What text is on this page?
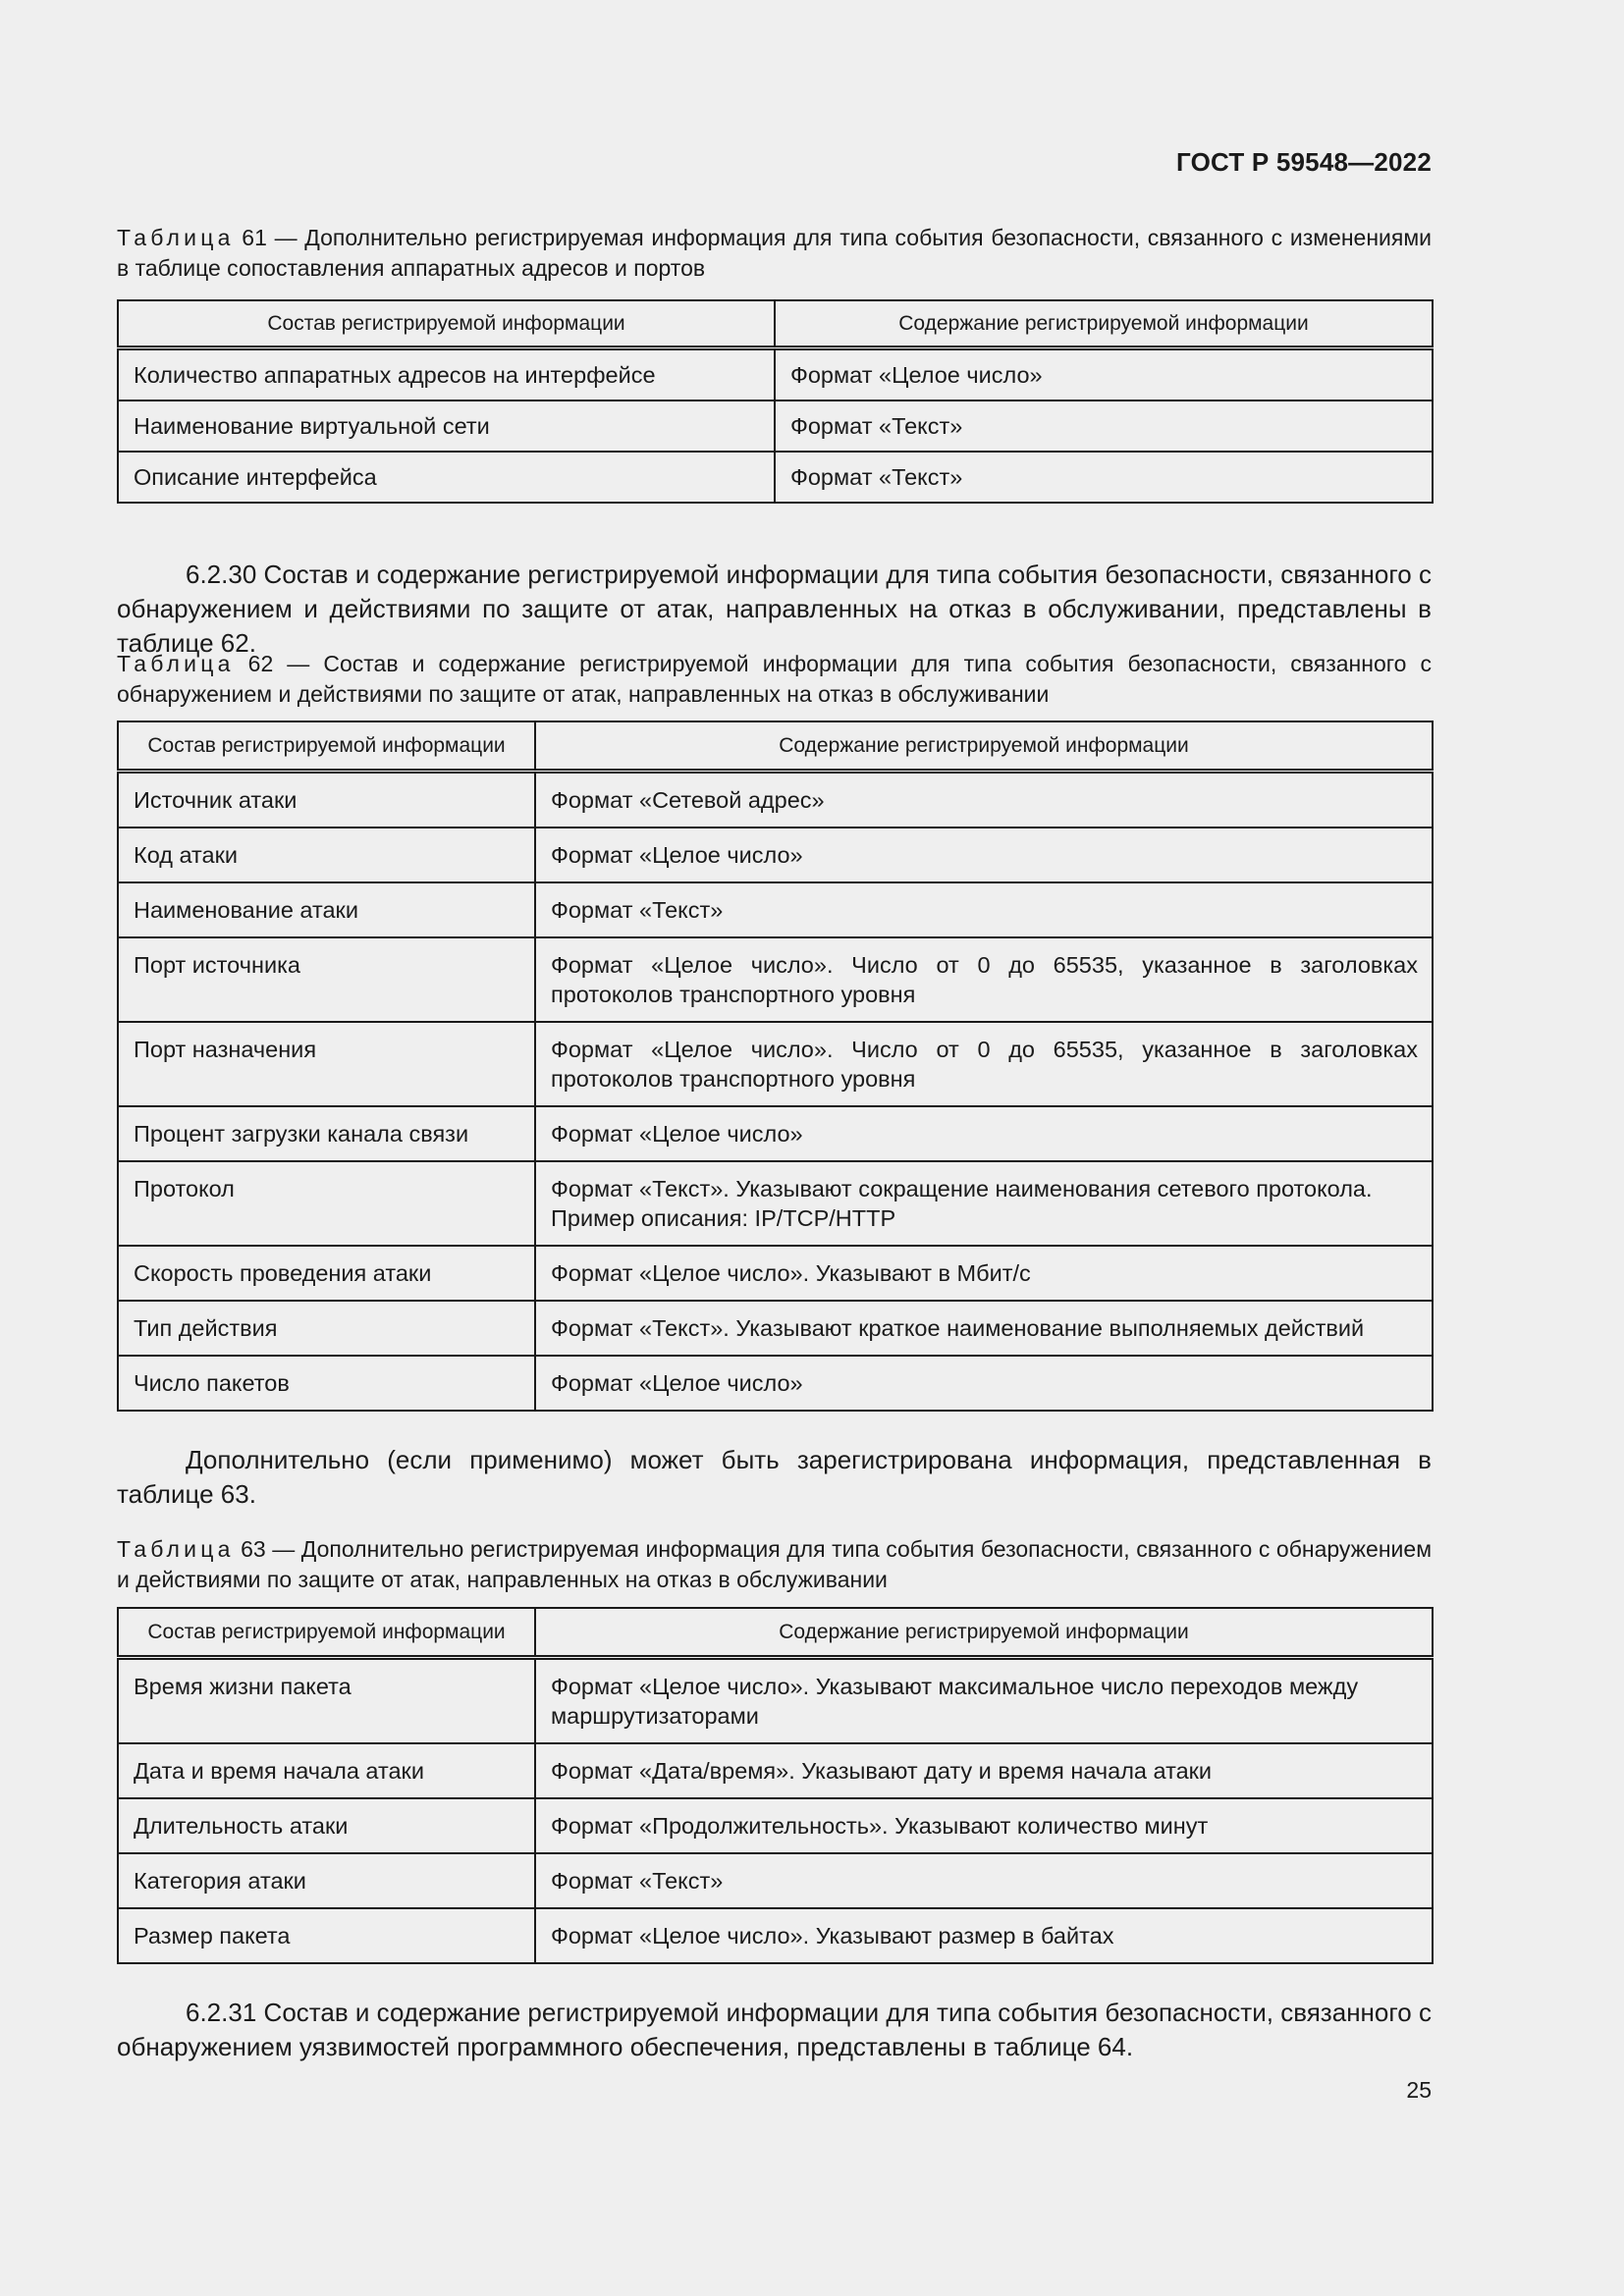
ГОСТ Р 59548—2022
Таблица 61 — Дополнительно регистрируемая информация для типа события безопасности, связанного с изменениями в таблице сопоставления аппаратных адресов и портов
Состав регистрируемой информации	Содержание регистрируемой информации
Количество аппаратных адресов на интерфейсе	Формат «Целое число»
Наименование виртуальной сети	Формат «Текст»
Описание интерфейса	Формат «Текст»
6.2.30 Состав и содержание регистрируемой информации для типа события безопасности, связанного с обнаружением и действиями по защите от атак, направленных на отказ в обслуживании, представлены в таблице 62.
Таблица 62 — Состав и содержание регистрируемой информации для типа события безопасности, связанного с обнаружением и действиями по защите от атак, направленных на отказ в обслуживании
Состав регистрируемой информации	Содержание регистрируемой информации
Источник атаки	Формат «Сетевой адрес»
Код атаки	Формат «Целое число»
Наименование атаки	Формат «Текст»
Порт источника	Формат «Целое число». Число от 0 до 65535, указанное в заголовках протоколов транспортного уровня
Порт назначения	Формат «Целое число». Число от 0 до 65535, указанное в заголовках протоколов транспортного уровня
Процент загрузки канала связи	Формат «Целое число»
Протокол	Формат «Текст». Указывают сокращение наименования сетевого протокола. Пример описания: IP/TCP/HTTP
Скорость проведения атаки	Формат «Целое число». Указывают в Мбит/с
Тип действия	Формат «Текст». Указывают краткое наименование выполняемых действий
Число пакетов	Формат «Целое число»
Дополнительно (если применимо) может быть зарегистрирована информация, представленная в таблице 63.
Таблица 63 — Дополнительно регистрируемая информация для типа события безопасности, связанного с обнаружением и действиями по защите от атак, направленных на отказ в обслуживании
Состав регистрируемой информации	Содержание регистрируемой информации
Время жизни пакета	Формат «Целое число». Указывают максимальное число переходов между маршрутизаторами
Дата и время начала атаки	Формат «Дата/время». Указывают дату и время начала атаки
Длительность атаки	Формат «Продолжительность». Указывают количество минут
Категория атаки	Формат «Текст»
Размер пакета	Формат «Целое число». Указывают размер в байтах
6.2.31 Состав и содержание регистрируемой информации для типа события безопасности, связанного с обнаружением уязвимостей программного обеспечения, представлены в таблице 64.
25
